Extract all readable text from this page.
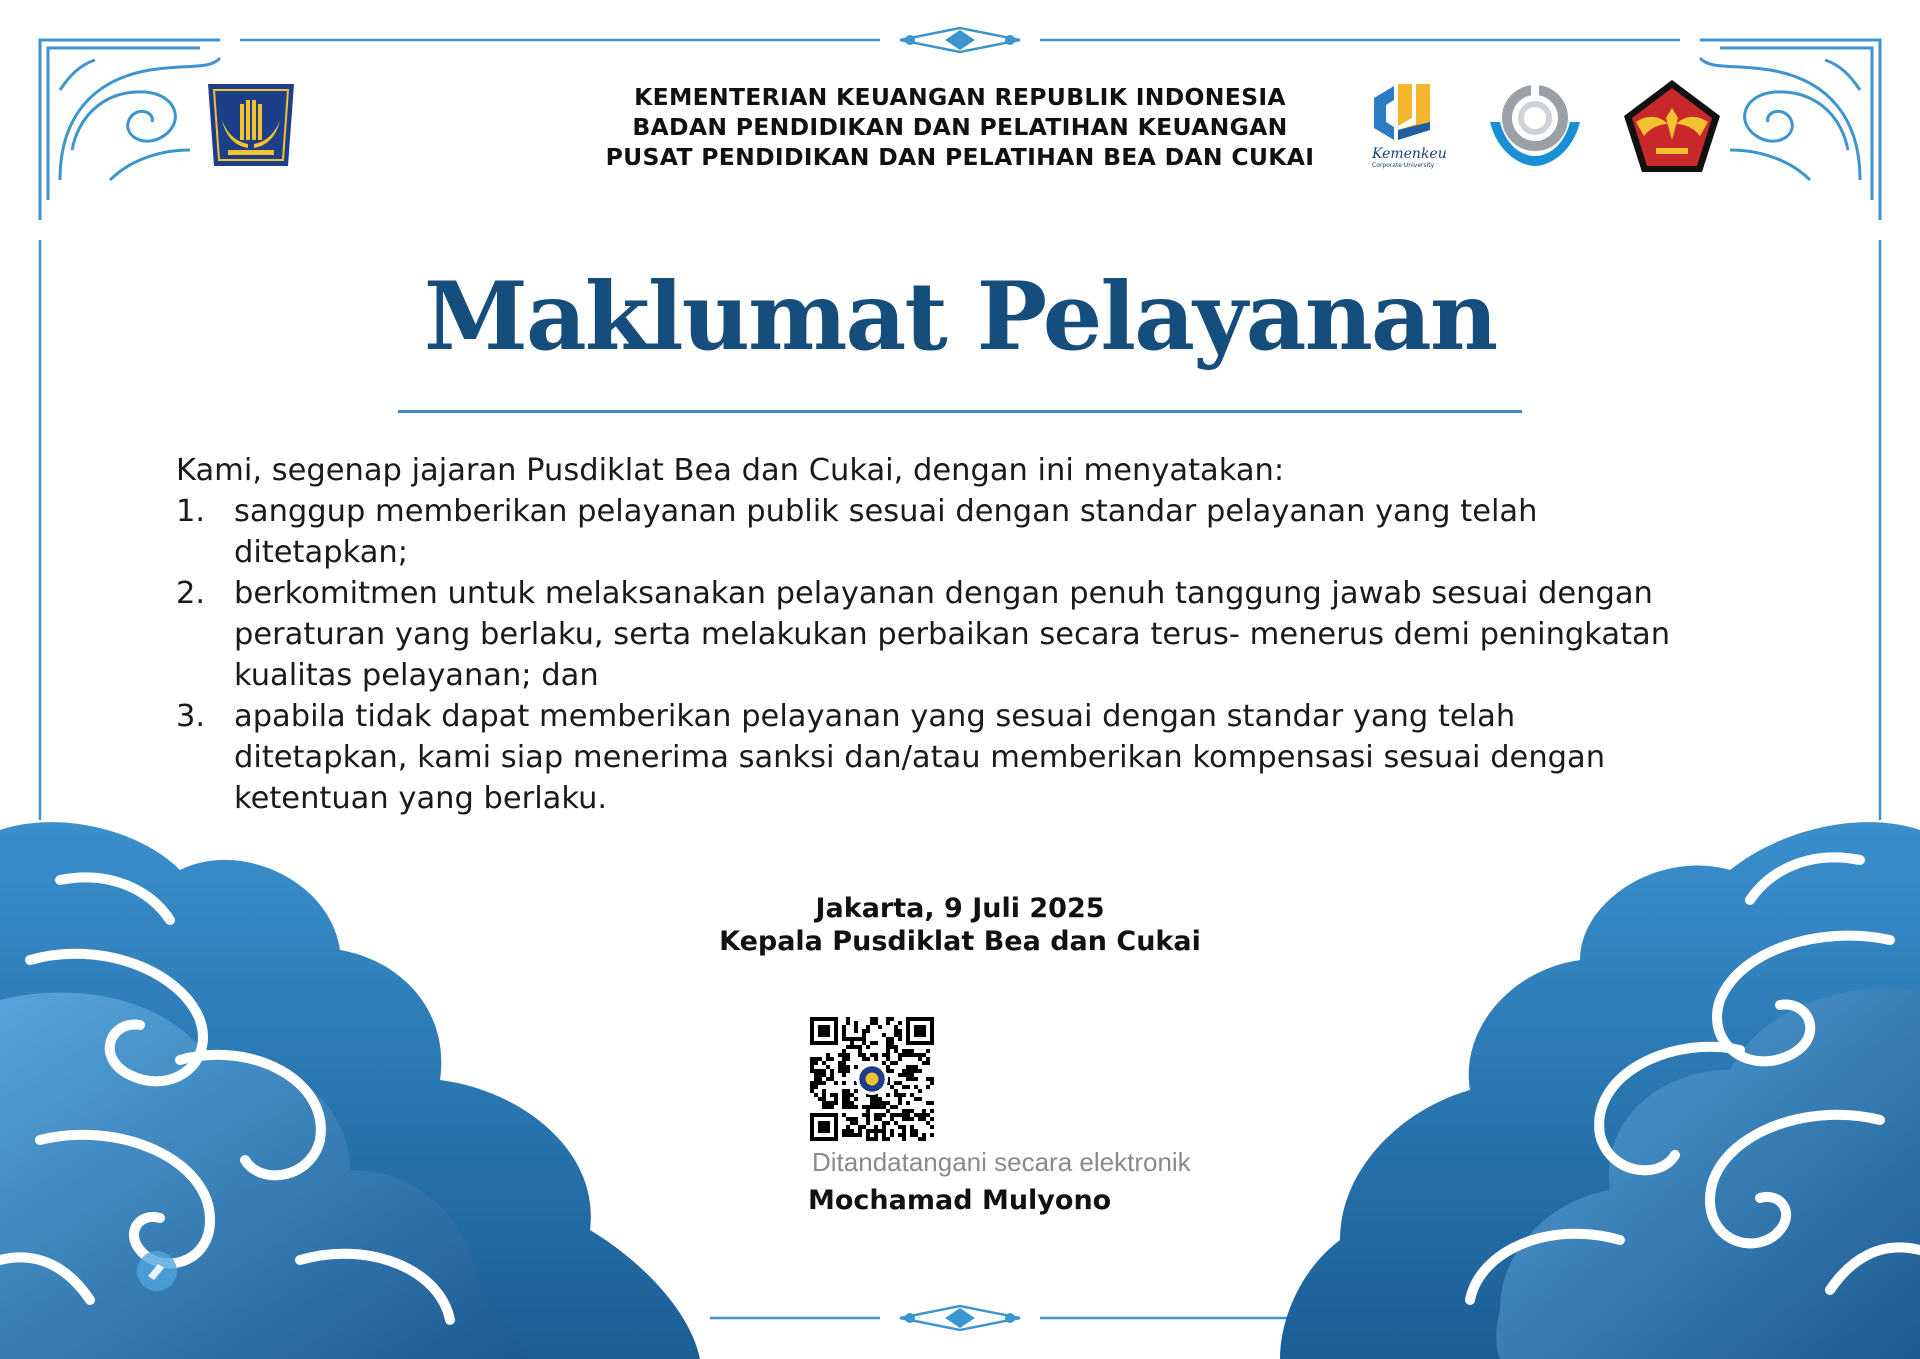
KEMENTERIAN KEUANGAN REPUBLIK INDONESIA
BADAN PENDIDIKAN DAN PELATIHAN KEUANGAN
PUSAT PENDIDIKAN DAN PELATIHAN BEA DAN CUKAI	Kemenkeu
Corporate University
Maklumat Pelayanan
Kami, segenap jajaran Pusdiklat Bea dan Cukai, dengan ini menyatakan:
1. sanggup memberikan pelayanan publik sesuai dengan standar pelayanan yang telah ditetapkan;
2. berkomitmen untuk melaksanakan pelayanan dengan penuh tanggung jawab sesuai dengan peraturan yang berlaku, serta melakukan perbaikan secara terus- menerus demi peningkatan kualitas pelayanan; dan
3. apabila tidak dapat memberikan pelayanan yang sesuai dengan standar yang telah ditetapkan, kami siap menerima sanksi dan/atau memberikan kompensasi sesuai dengan ketentuan yang berlaku.
Jakarta, 9 Juli 2025
Kepala Pusdiklat Bea dan Cukai
Ditandatangani secara elektronik
Mochamad Mulyono
